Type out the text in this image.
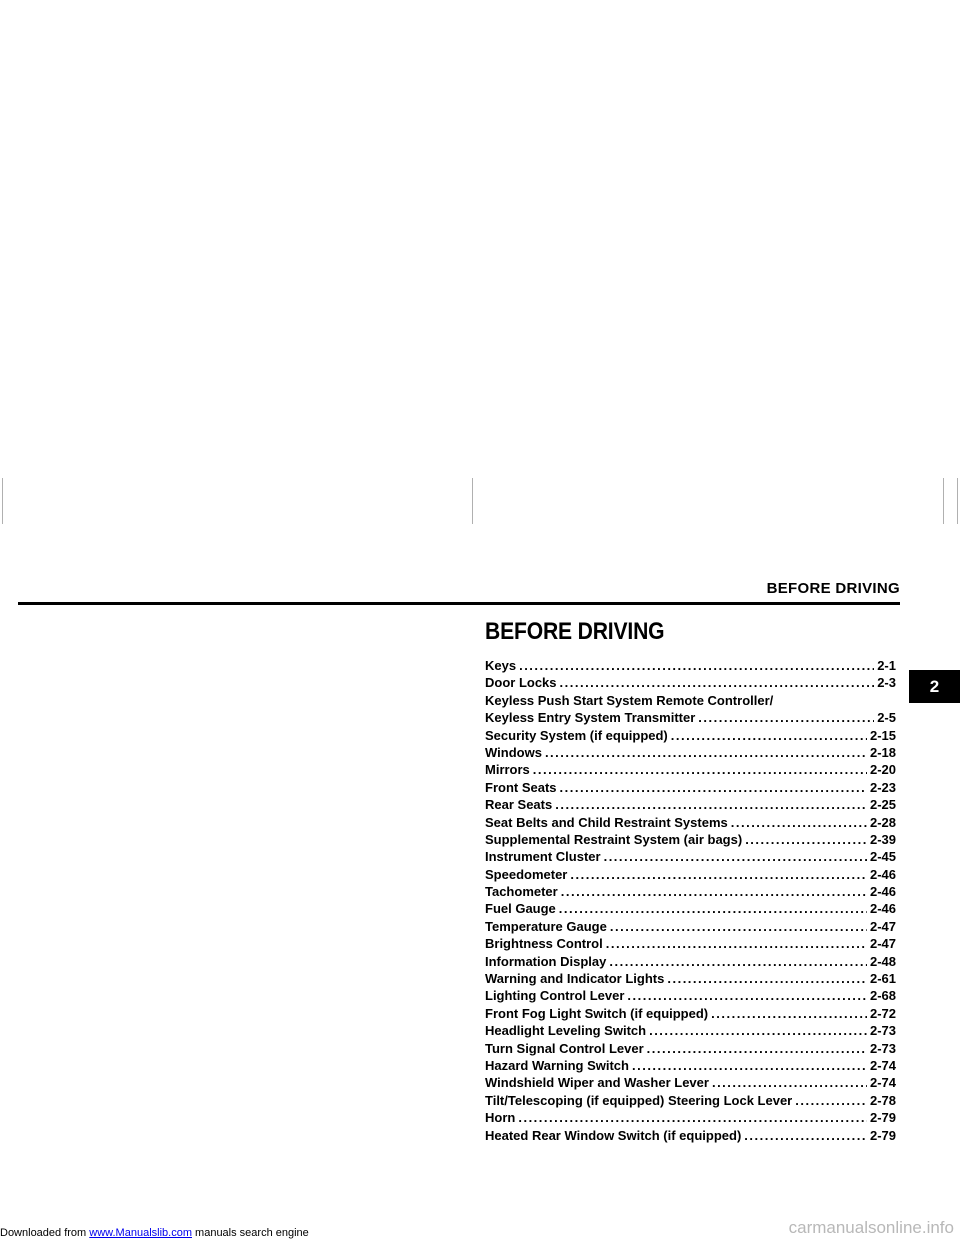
BEFORE DRIVING
BEFORE DRIVING
Keys .....	2-1
Door Locks .....	2-3
Keyless Push Start System Remote Controller/
Keyless Entry System Transmitter .....	2-5
Security System (if equipped) .....	2-15
Windows .....	2-18
Mirrors .....	2-20
Front Seats .....	2-23
Rear Seats .....	2-25
Seat Belts and Child Restraint Systems .....	2-28
Supplemental Restraint System (air bags) .....	2-39
Instrument Cluster .....	2-45
Speedometer .....	2-46
Tachometer .....	2-46
Fuel Gauge .....	2-46
Temperature Gauge .....	2-47
Brightness Control .....	2-47
Information Display .....	2-48
Warning and Indicator Lights .....	2-61
Lighting Control Lever .....	2-68
Front Fog Light Switch (if equipped) .....	2-72
Headlight Leveling Switch .....	2-73
Turn Signal Control Lever .....	2-73
Hazard Warning Switch .....	2-74
Windshield Wiper and Washer Lever .....	2-74
Tilt/Telescoping (if equipped) Steering Lock Lever .....	2-78
Horn .....	2-79
Heated Rear Window Switch (if equipped) .....	2-79
2
Downloaded from www.Manualslib.com manuals search engine	carmanualsonline.info
